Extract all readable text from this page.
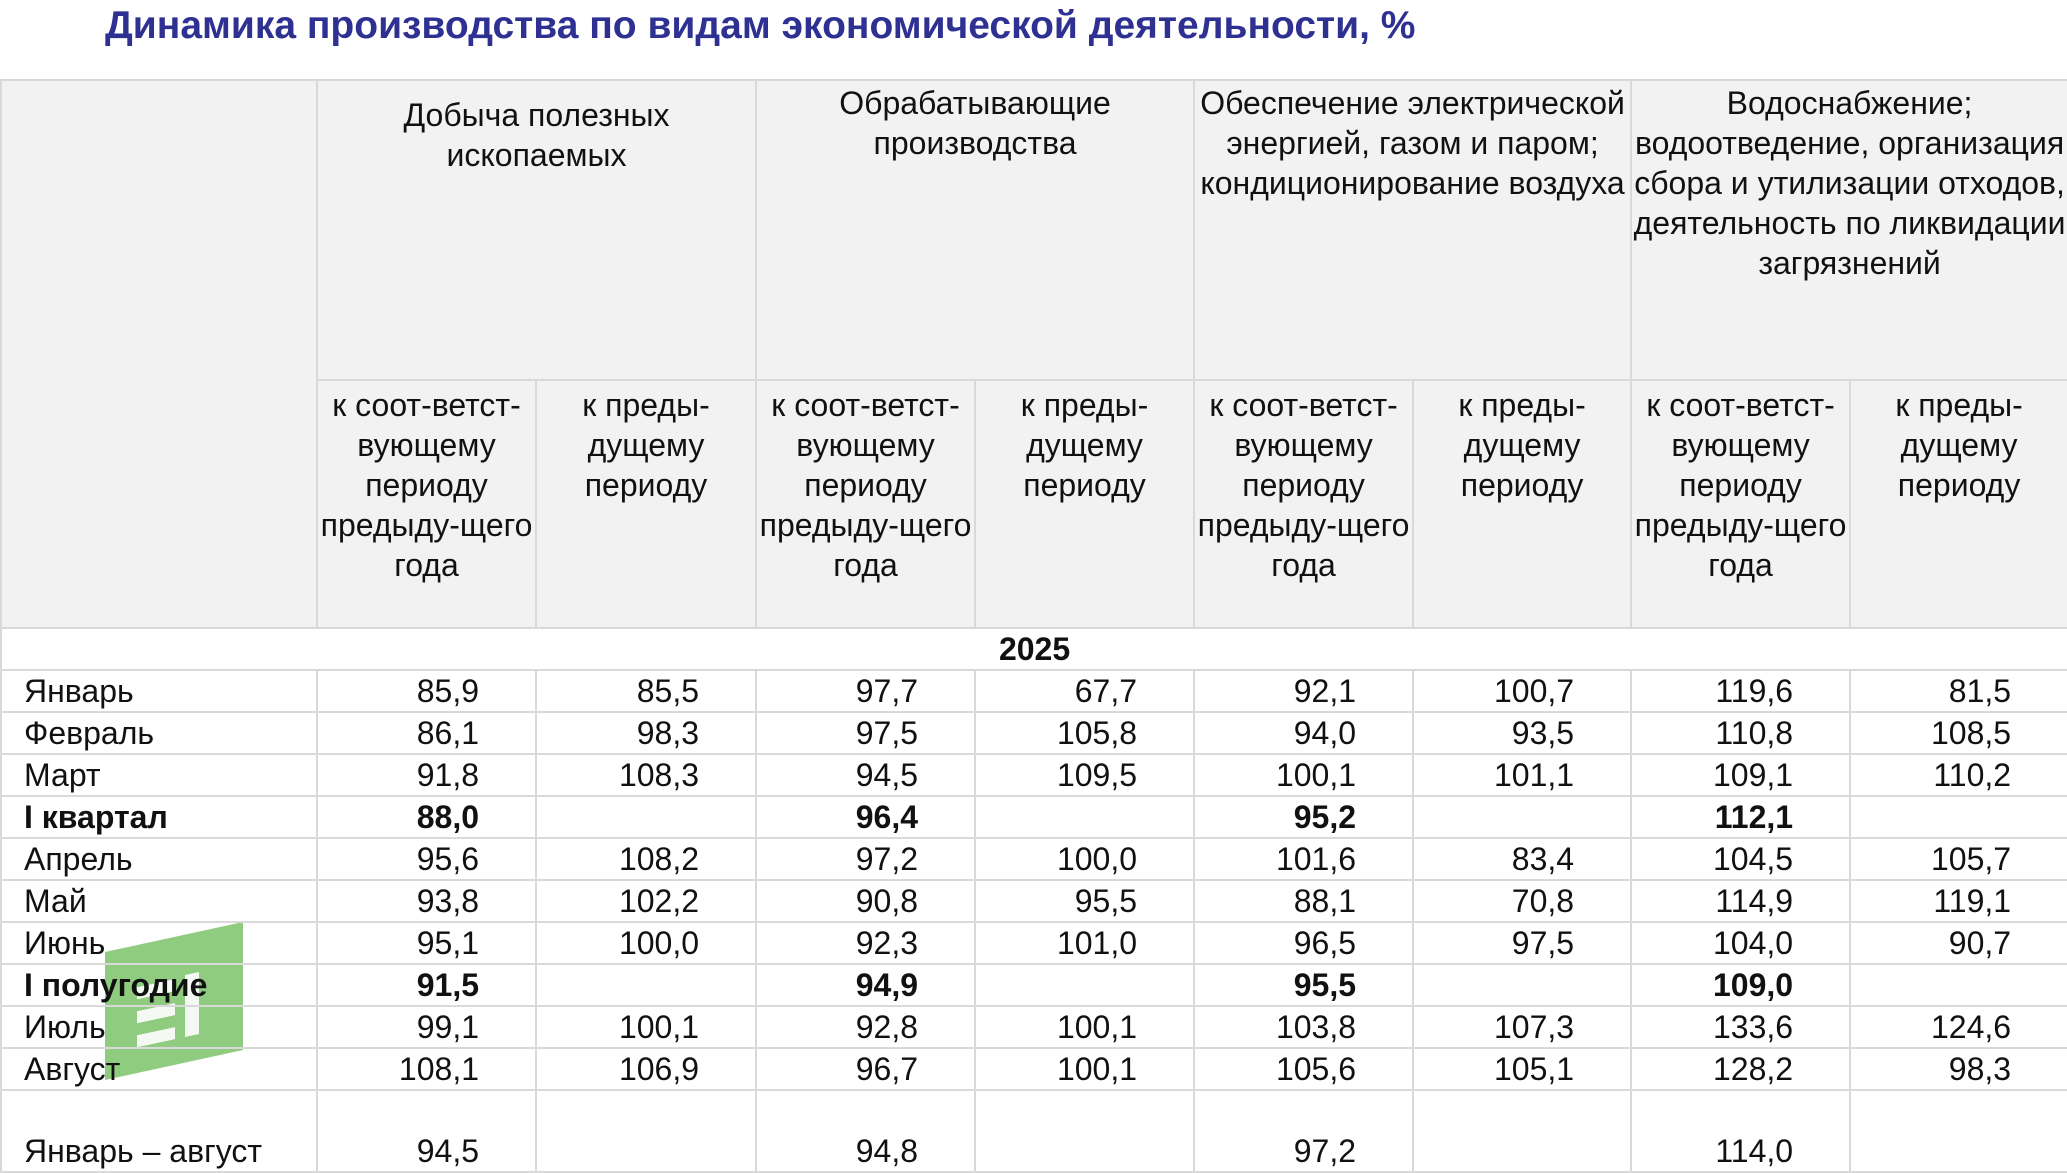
Динамика производства по видам экономической деятельности, %
	Добыча полезных ископаемых		Обрабатывающие производства		Обеспечение электрической энергией, газом и паром; кондиционирование воздуха		Водоснабжение; водоотведение, организация сбора и утилизации отходов, деятельность по ликвидации загрязнений	
	к соот-ветст-вующему периоду предыду-щего года	к преды-дущему периоду	к соот-ветст-вующему периоду предыду-щего года	к преды-дущему периоду	к соот-ветст-вующему периоду предыду-щего года	к преды-дущему периоду	к соот-ветст-вующему периоду предыду-щего года	к преды-дущему периоду
2025								
Январь	85,9	85,5	97,7	67,7	92,1	100,7	119,6	81,5
Февраль	86,1	98,3	97,5	105,8	94,0	93,5	110,8	108,5
Март	91,8	108,3	94,5	109,5	100,1	101,1	109,1	110,2
I квартал	88,0		96,4		95,2		112,1	
Апрель	95,6	108,2	97,2	100,0	101,6	83,4	104,5	105,7
Май	93,8	102,2	90,8	95,5	88,1	70,8	114,9	119,1
Июнь	95,1	100,0	92,3	101,0	96,5	97,5	104,0	90,7
I полугодие	91,5		94,9		95,5		109,0	
Июль	99,1	100,1	92,8	100,1	103,8	107,3	133,6	124,6
Август	108,1	106,9	96,7	100,1	105,6	105,1	128,2	98,3
Январь – август	94,5		94,8		97,2		114,0	
